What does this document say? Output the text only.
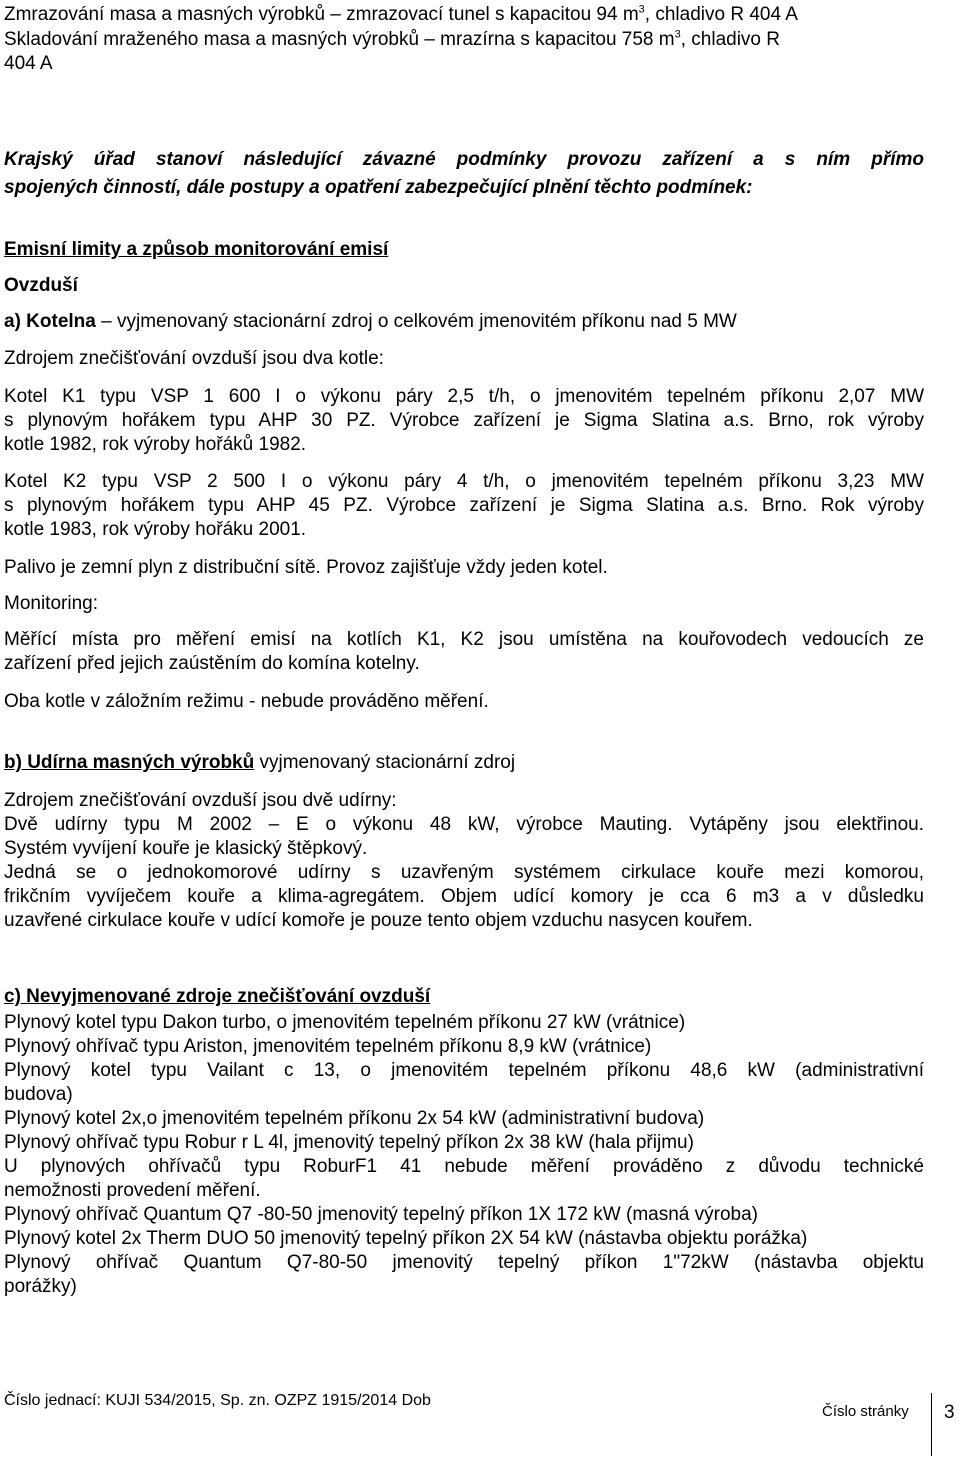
Zmrazování masa a masných výrobků – zmrazovací tunel s kapacitou 94 $m^3$, chladivo R 404 A
Skladování mraženého masa a masných výrobků – mrazírna s kapacitou 758 $m^3$, chladivo R
404 A
Krajský úřad stanoví následující závazné podmínky provozu zařízení a s ním přímo
spojených činností, dále postupy a opatření zabezpečující plnění těchto podmínek:
Emisní limity a způsob monitorování emisí
Ovzduší
a) Kotelna – vyjmenovaný stacionární zdroj o celkovém jmenovitém příkonu nad 5 MW
Zdrojem znečišťování ovzduší jsou dva kotle:
Kotel K1 typu VSP 1 600 I o výkonu páry 2,5 t/h, o jmenovitém tepelném příkonu 2,07 MW
s plynovým hořákem typu AHP 30 PZ. Výrobce zařízení je Sigma Slatina a.s. Brno, rok výroby
kotle 1982, rok výroby hořáků 1982.
Kotel K2 typu VSP 2 500 I o výkonu páry 4 t/h, o jmenovitém tepelném příkonu 3,23 MW
s plynovým hořákem typu AHP 45 PZ. Výrobce zařízení je Sigma Slatina a.s. Brno. Rok výroby
kotle 1983, rok výroby hořáku 2001.
Palivo je zemní plyn z distribuční sítě. Provoz zajišťuje vždy jeden kotel.
Monitoring:
Měřící místa pro měření emisí na kotlích K1, K2 jsou umístěna na kouřovodech vedoucích ze
zařízení před jejich zaústěním do komína kotelny.
Oba kotle v záložním režimu - nebude prováděno měření.
b) Udírna masných výrobků vyjmenovaný stacionární zdroj
Zdrojem znečišťování ovzduší jsou dvě udírny:
Dvě udírny typu M 2002 – E o výkonu 48 kW, výrobce Mauting. Vytápěny jsou elektřinou.
Systém vyvíjení kouře je klasický štěpkový.
Jedná se o jednokomorové udírny s uzavřeným systémem cirkulace kouře mezi komorou,
frikčním vyvíječem kouře a klima-agregátem. Objem udící komory je cca 6 m3 a v důsledku
uzavřené cirkulace kouře v udící komoře je pouze tento objem vzduchu nasycen kouřem.
c) Nevyjmenované zdroje znečišťování ovzduší
Plynový kotel typu Dakon turbo, o jmenovitém tepelném příkonu 27 kW (vrátnice)
Plynový ohřívač typu Ariston, jmenovitém tepelném příkonu 8,9 kW (vrátnice)
Plynový kotel typu Vailant c 13, o jmenovitém tepelném příkonu 48,6 kW (administrativní
budova)
Plynový kotel 2x,o jmenovitém tepelném příkonu 2x 54 kW (administrativní budova)
Plynový ohřívač typu Robur r L 4l, jmenovitý tepelný příkon 2x 38 kW (hala přijmu)
U plynových ohřívačů typu RoburF1 41 nebude měření prováděno z důvodu technické
nemožnosti provedení měření.
Plynový ohřívač Quantum Q7 -80-50 jmenovitý tepelný příkon 1X 172 kW (masná výroba)
Plynový kotel 2x Therm DUO 50 jmenovitý tepelný příkon 2X 54 kW (nástavba objektu porážka)
Plynový ohřívač Quantum Q7-80-50 jmenovitý tepelný příkon 1"72kW (nástavba objektu
porážky)
Číslo jednací: KUJI 534/2015, Sp. zn. OZPZ 1915/2014 Dob
Číslo stránky 3
